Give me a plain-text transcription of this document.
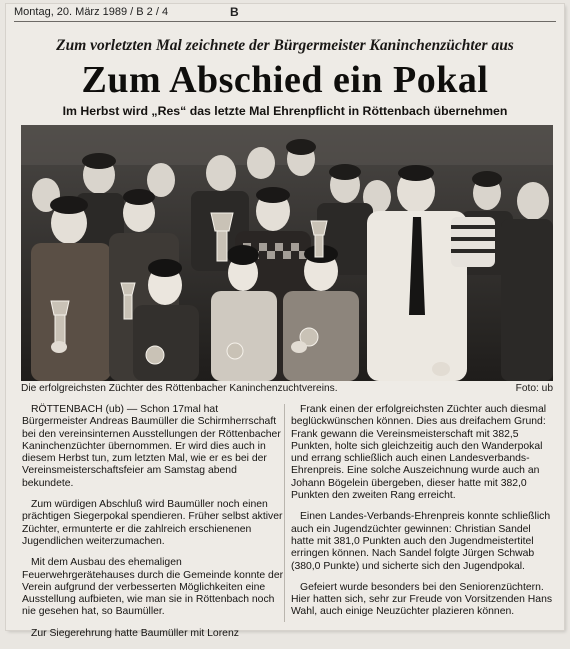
Montag, 20. März 1989 / B 2 / 4	B
Zum vorletzten Mal zeichnete der Bürgermeister Kaninchenzüchter aus
Zum Abschied ein Pokal
Im Herbst wird „Res“ das letzte Mal Ehrenpflicht in Röttenbach übernehmen
Die erfolgreichsten Züchter des Röttenbacher Kaninchenzuchtvereins.	Foto: ub

RÖTTENBACH (ub) — Schon 17mal hat Bürgermeister Andreas Baumüller die Schirmherrschaft bei den vereinsinternen Ausstellungen der Röttenbacher Kaninchenzüchter übernommen. Er wird dies auch in diesem Herbst tun, zum letzten Mal, wie er es bei der Vereinsmeisterschaftsfeier am Samstag abend bekundete.

Zum würdigen Abschluß wird Baumüller noch einen prächtigen Siegerpokal spendieren. Früher selbst aktiver Züchter, ermunterte er die zahlreich erschienenen Jugendlichen weiterzumachen.

Mit dem Ausbau des ehemaligen Feuerwehrgerätehauses durch die Gemeinde konnte der Verein aufgrund der verbesserten Möglichkeiten eine Ausstellung aufbieten, wie man sie in Röttenbach noch nie gesehen hat, so Baumüller.

Zur Siegerehrung hatte Baumüller mit Lorenz

Frank einen der erfolgreichsten Züchter auch diesmal beglückwünschen können. Dies aus dreifachem Grund: Frank gewann die Vereinsmeisterschaft mit 382,5 Punkten, holte sich gleichzeitig auch den Wanderpokal und errang schließlich auch einen Landesverbands-Ehrenpreis. Eine solche Auszeichnung wurde auch an Johann Bögelein übergeben, dieser hatte mit 382,0 Punkten den zweiten Rang erreicht.

Einen Landes-Verbands-Ehrenpreis konnte schließlich auch ein Jugendzüchter gewinnen: Christian Sandel hatte mit 381,0 Punkten auch den Jugendmeistertitel erringen können. Nach Sandel folgte Jürgen Schwab (380,0 Punkte) und sicherte sich den Jugendpokal.

Gefeiert wurde besonders bei den Seniorenzüchtern. Hier hatten sich, sehr zur Freude von Vorsitzenden Hans Wahl, auch einige Neuzüchter plazieren können.
